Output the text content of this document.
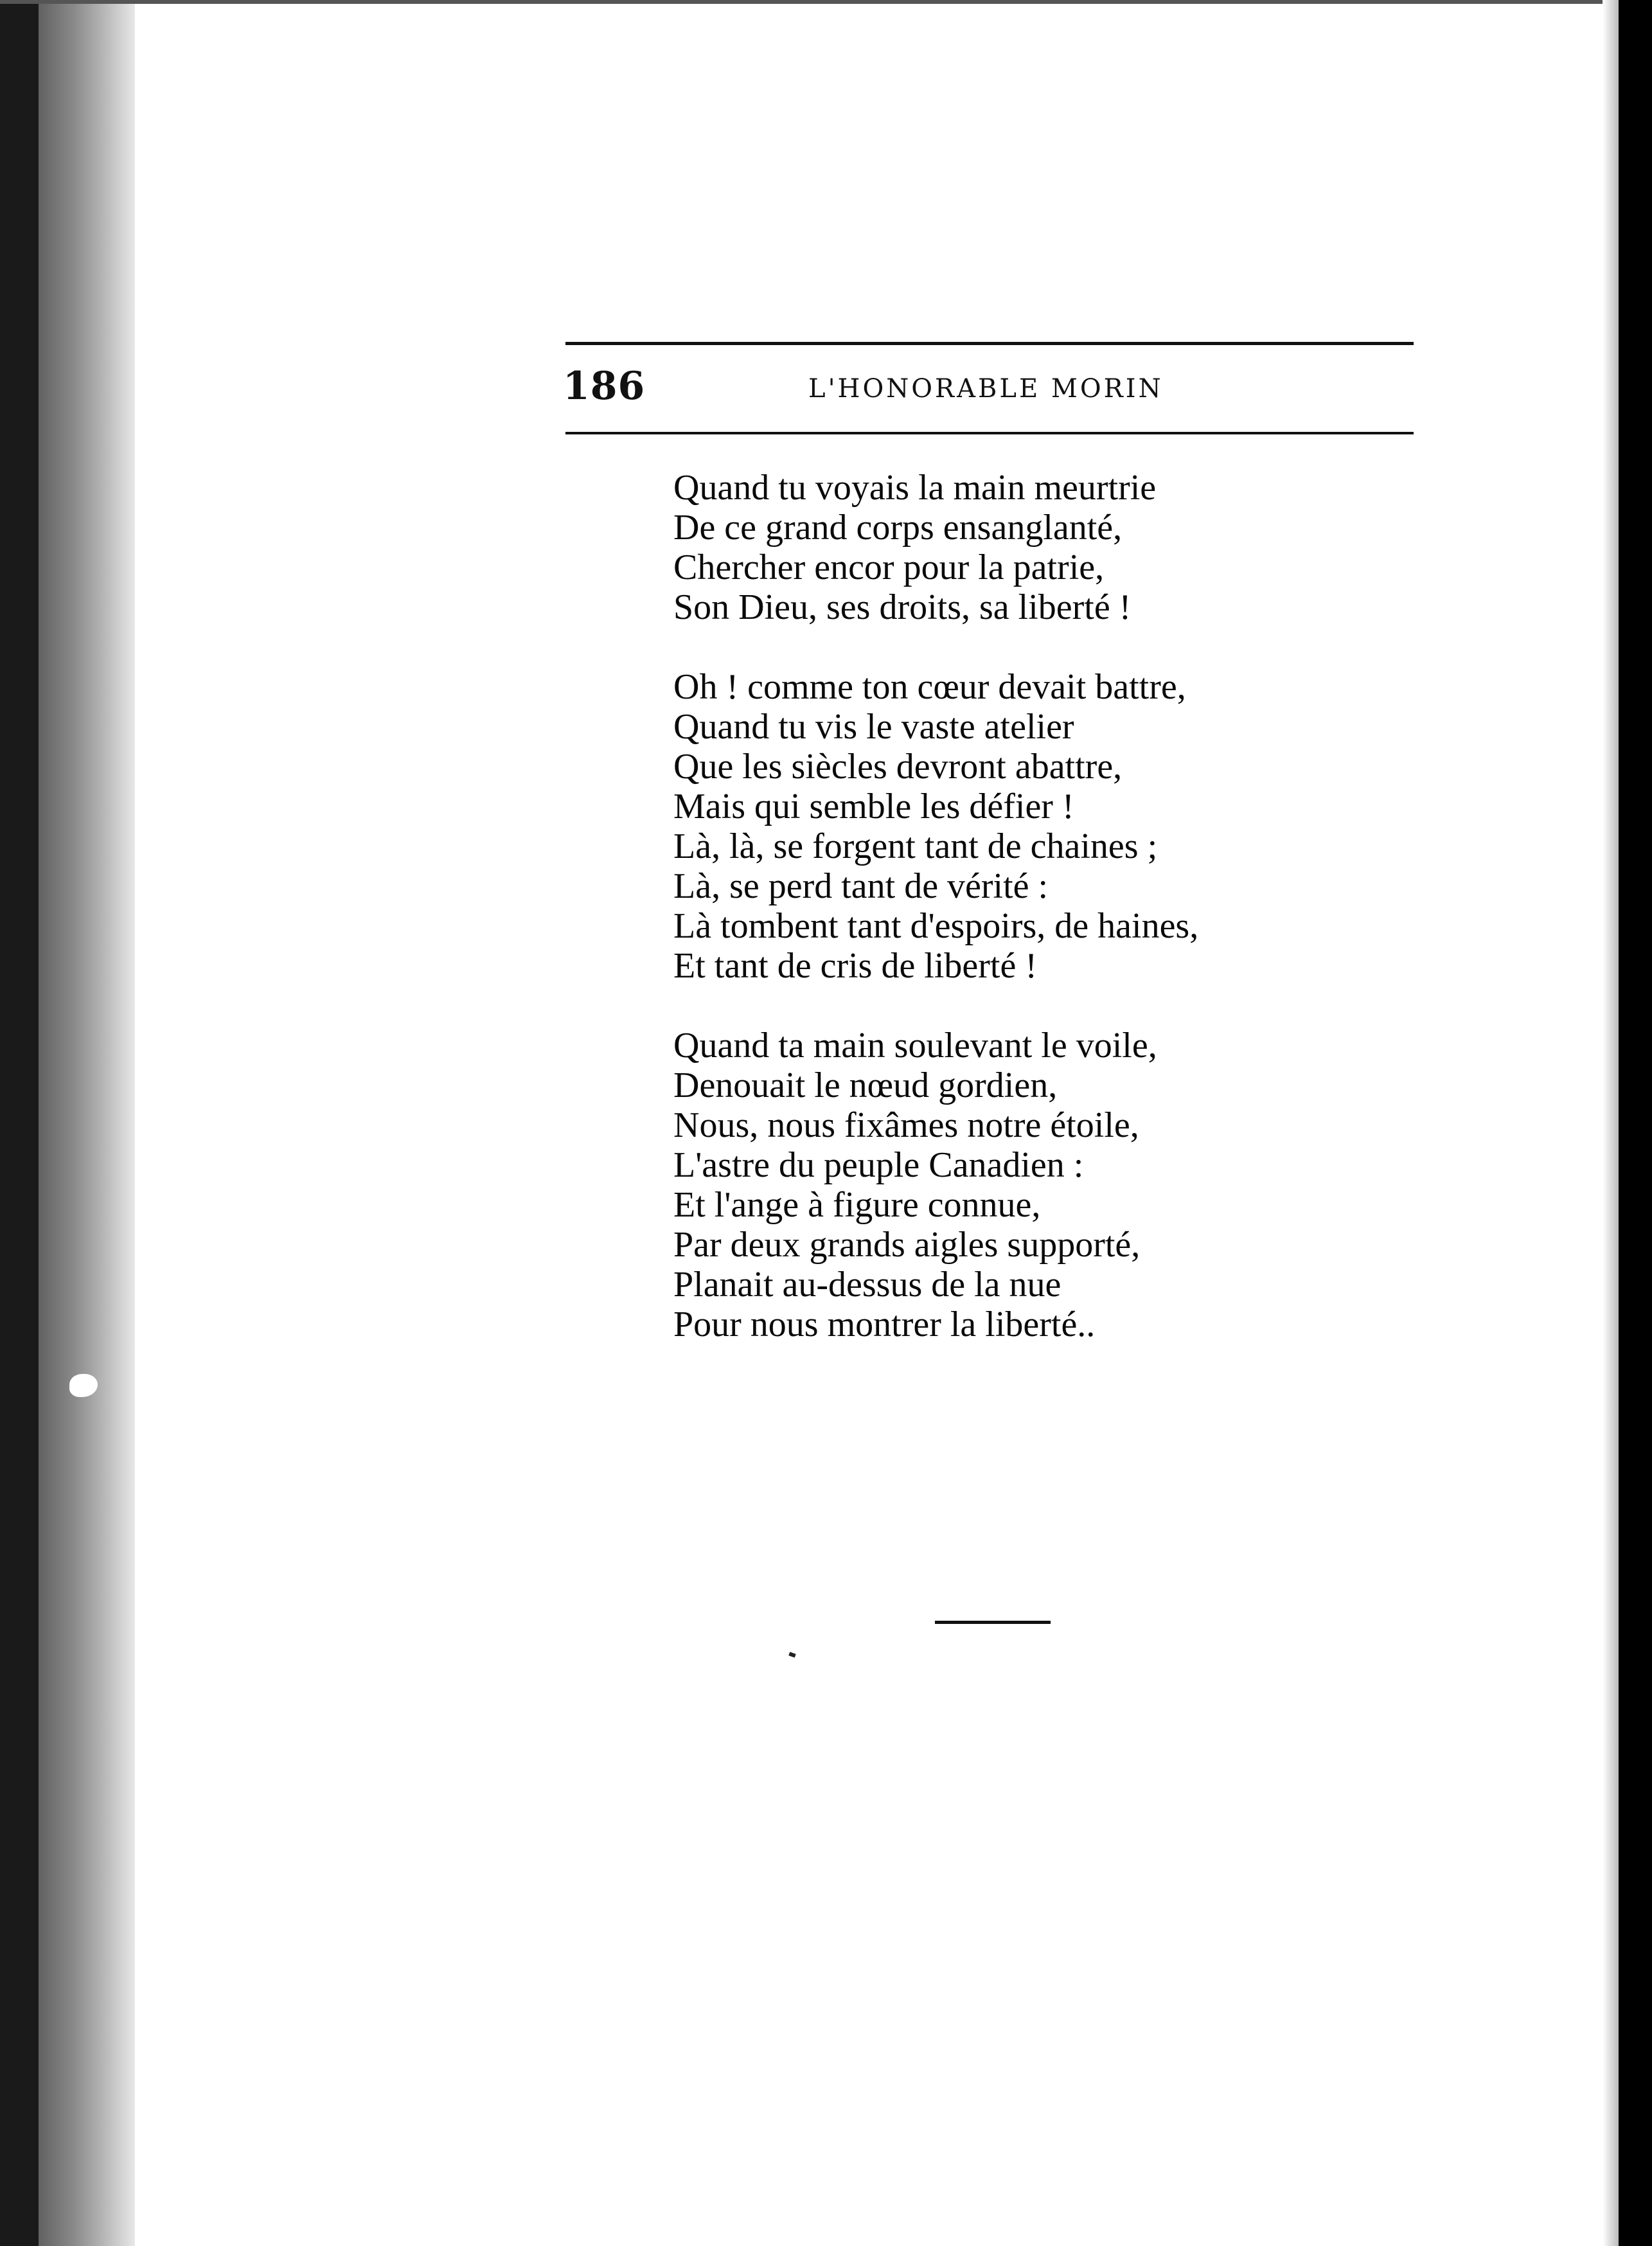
186	L'HONORABLE MORIN
Quand tu voyais la main meurtrie
De ce grand corps ensanglanté,
Chercher encor pour la patrie,
Son Dieu, ses droits, sa liberté !
Oh ! comme ton cœur devait battre,
Quand tu vis le vaste atelier
Que les siècles devront abattre,
Mais qui semble les défier !
Là, là, se forgent tant de chaines ;
Là, se perd tant de vérité :
Là tombent tant d'espoirs, de haines,
Et tant de cris de liberté !
Quand ta main soulevant le voile,
Denouait le nœud gordien,
Nous, nous fixâmes notre étoile,
L'astre du peuple Canadien :
Et l'ange à figure connue,
Par deux grands aigles supporté,
Planait au-dessus de la nue
Pour nous montrer la liberté..
